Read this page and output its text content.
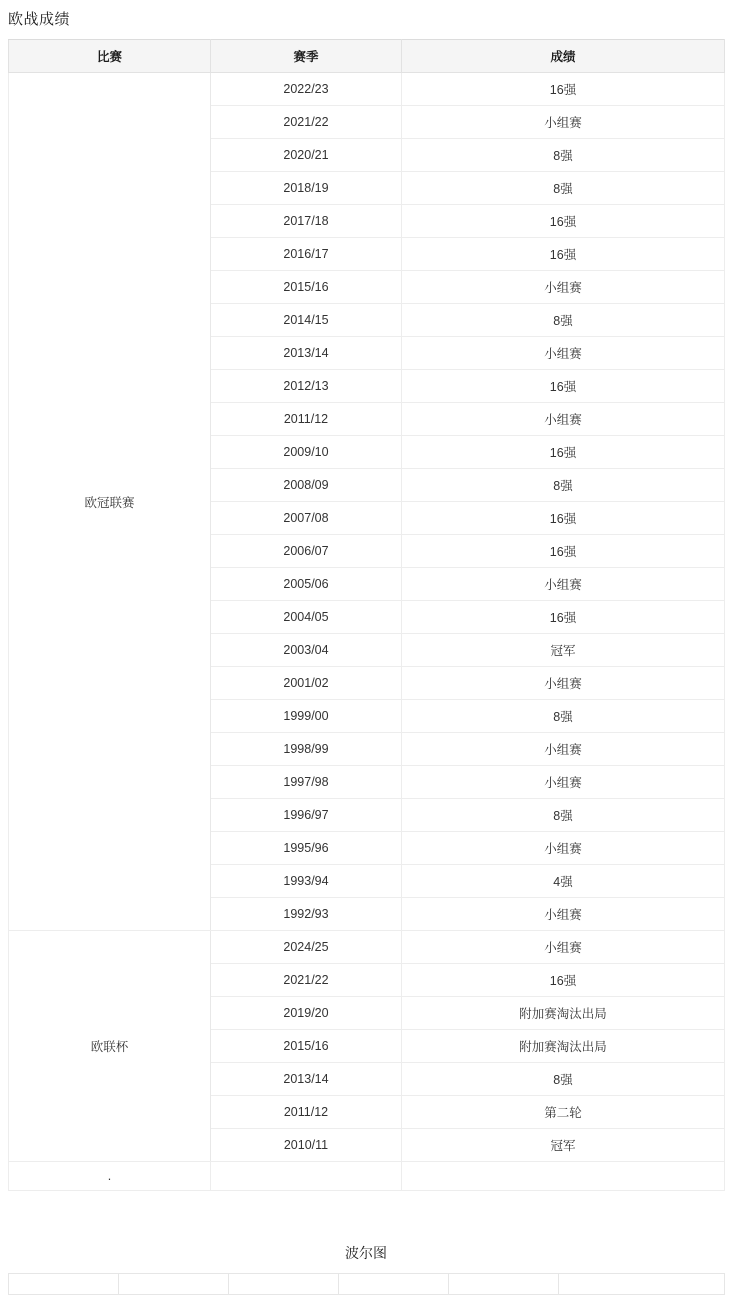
欧战成绩
比赛	赛季	成绩
欧冠联赛	2022/23	16强
	2021/22	小组赛
	2020/21	8强
	2018/19	8强
	2017/18	16强
	2016/17	16强
	2015/16	小组赛
	2014/15	8强
	2013/14	小组赛
	2012/13	16强
	2011/12	小组赛
	2009/10	16强
	2008/09	8强
	2007/08	16强
	2006/07	16强
	2005/06	小组赛
	2004/05	16强
	2003/04	冠军
	2001/02	小组赛
	1999/00	8强
	1998/99	小组赛
	1997/98	小组赛
	1996/97	8强
	1995/96	小组赛
	1993/94	4强
	1992/93	小组赛
欧联杯	2024/25	小组赛
	2021/22	16强
	2019/20	附加赛淘汰出局
	2015/16	附加赛淘汰出局
	2013/14	8强
	2011/12	第二轮
	2010/11	冠军
.		
波尔图
